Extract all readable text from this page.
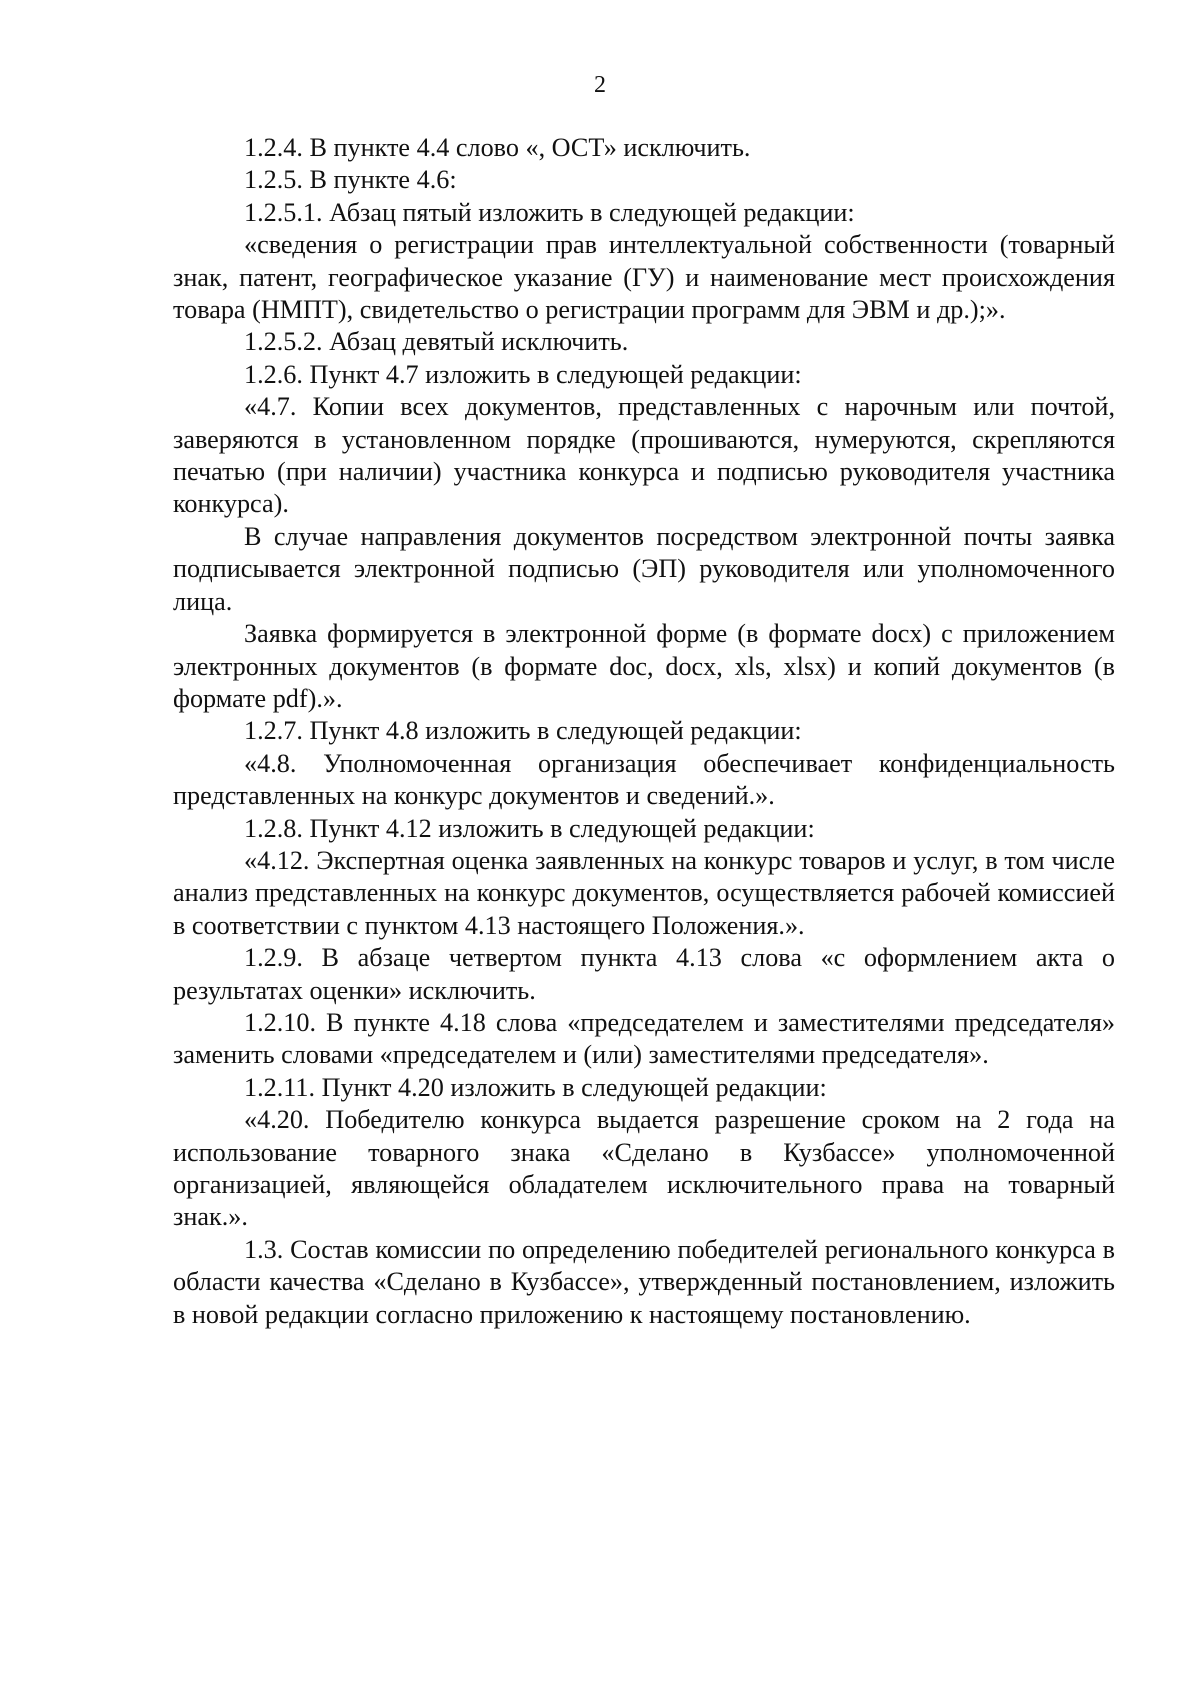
2

1.2.4. В пункте 4.4 слово «, ОСТ» исключить.

1.2.5. В пункте 4.6:

1.2.5.1. Абзац пятый изложить в следующей редакции:

«сведения о регистрации прав интеллектуальной собственности (товарный знак, патент, географическое указание (ГУ) и наименование мест происхождения товара (НМПТ), свидетельство о регистрации программ для ЭВМ и др.);».

1.2.5.2. Абзац девятый исключить.

1.2.6. Пункт 4.7 изложить в следующей редакции:

«4.7. Копии всех документов, представленных с нарочным или почтой, заверяются в установленном порядке (прошиваются, нумеруются, скрепляются печатью (при наличии) участника конкурса и подписью руководителя участника конкурса).

В случае направления документов посредством электронной почты заявка подписывается электронной подписью (ЭП) руководителя или уполномоченного лица.

Заявка формируется в электронной форме (в формате docx) с приложением электронных документов (в формате doc, docx, xls, xlsx) и копий документов (в формате pdf).».

1.2.7. Пункт 4.8 изложить в следующей редакции:

«4.8. Уполномоченная организация обеспечивает конфиденциальность представленных на конкурс документов и сведений.».

1.2.8. Пункт 4.12 изложить в следующей редакции:

«4.12. Экспертная оценка заявленных на конкурс товаров и услуг, в том числе анализ представленных на конкурс документов, осуществляется рабочей комиссией в соответствии с пунктом 4.13 настоящего Положения.».

1.2.9. В абзаце четвертом пункта 4.13 слова «с оформлением акта о результатах оценки» исключить.

1.2.10. В пункте 4.18 слова «председателем и заместителями председателя» заменить словами «председателем и (или) заместителями председателя».

1.2.11. Пункт 4.20 изложить в следующей редакции:

«4.20. Победителю конкурса выдается разрешение сроком на 2 года на использование товарного знака «Сделано в Кузбассе» уполномоченной организацией, являющейся обладателем исключительного права на товарный знак.».

1.3. Состав комиссии по определению победителей регионального конкурса в области качества «Сделано в Кузбассе», утвержденный постановлением, изложить в новой редакции согласно приложению к настоящему постановлению.
